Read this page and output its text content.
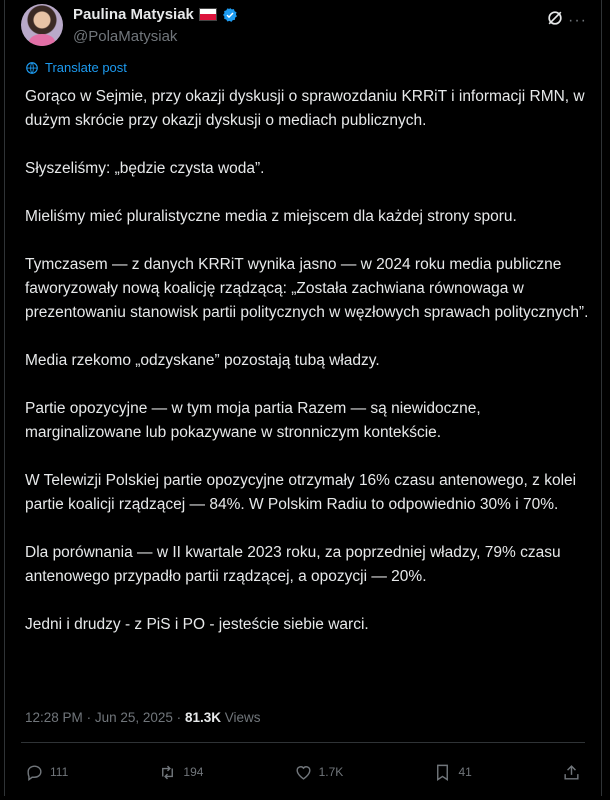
Paulina Matysiak
@PolaMatysiak
···
Translate post

Gorąco w Sejmie, przy okazji dyskusji o sprawozdaniu KRRiT i informacji RMN, w dużym skrócie przy okazji dyskusji o mediach publicznych.

Słyszeliśmy: „będzie czysta woda”.

Mieliśmy mieć pluralistyczne media z miejscem dla każdej strony sporu.

Tymczasem — z danych KRRiT wynika jasno — w 2024 roku media publiczne faworyzowały nową koalicję rządzącą: „Została zachwiana równowaga w prezentowaniu stanowisk partii politycznych w węzłowych sprawach politycznych”.

Media rzekomo „odzyskane” pozostają tubą władzy.

Partie opozycyjne — w tym moja partia Razem — są niewidoczne, marginalizowane lub pokazywane w stronniczym kontekście.

W Telewizji Polskiej partie opozycyjne otrzymały 16% czasu antenowego, z kolei partie koalicji rządzącej — 84%. W Polskim Radiu to odpowiednio 30% i 70%.

Dla porównania — w II kwartale 2023 roku, za poprzedniej władzy, 79% czasu antenowego przypadło partii rządzącej, a opozycji — 20%.

Jedni i drudzy - z PiS i PO - jesteście siebie warci.

12:28 PM · Jun 25, 2025 · 81.3K Views
111	194	1.7K	41
